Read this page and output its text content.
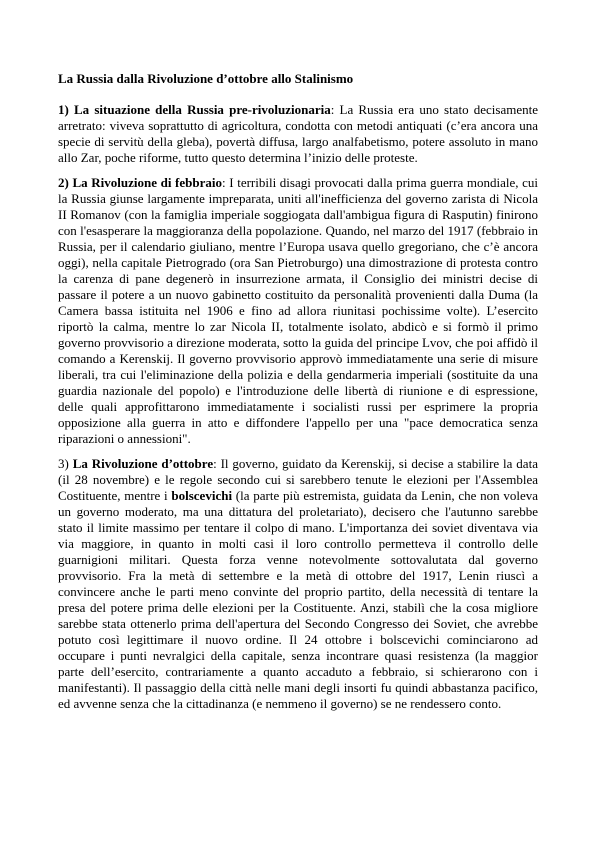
La Russia dalla Rivoluzione d’ottobre allo Stalinismo

1) La situazione della Russia pre-rivoluzionaria: La Russia era uno stato decisamente arretrato: viveva soprattutto di agricoltura, condotta con metodi antiquati (c’era ancora una specie di servitù della gleba), povertà diffusa, largo analfabetismo, potere assoluto in mano allo Zar, poche riforme, tutto questo determina l’inizio delle proteste.

2) La Rivoluzione di febbraio: I terribili disagi provocati dalla prima guerra mondiale, cui la Russia giunse largamente impreparata, uniti all'inefficienza del governo zarista di Nicola II Romanov (con la famiglia imperiale soggiogata dall'ambigua figura di Rasputin) finirono con l'esasperare la maggioranza della popolazione. Quando, nel marzo del 1917 (febbraio in Russia, per il calendario giuliano, mentre l’Europa usava quello gregoriano, che c’è ancora oggi), nella capitale Pietrogrado (ora San Pietroburgo) una dimostrazione di protesta contro la carenza di pane degenerò in insurrezione armata, il Consiglio dei ministri decise di passare il potere a un nuovo gabinetto costituito da personalità provenienti dalla Duma (la Camera bassa istituita nel 1906 e fino ad allora riunitasi pochissime volte). L’esercito riportò la calma, mentre lo zar Nicola II, totalmente isolato, abdicò e si formò il primo governo provvisorio a direzione moderata, sotto la guida del principe Lvov, che poi affidò il comando a Kerenskij. Il governo provvisorio approvò immediatamente una serie di misure liberali, tra cui l'eliminazione della polizia e della gendarmeria imperiali (sostituite da una guardia nazionale del popolo) e l'introduzione delle libertà di riunione e di espressione, delle quali approfittarono immediatamente i socialisti russi per esprimere la propria opposizione alla guerra in atto e diffondere l'appello per una "pace democratica senza riparazioni o annessioni".

3) La Rivoluzione d’ottobre: Il governo, guidato da Kerenskij, si decise a stabilire la data (il 28 novembre) e le regole secondo cui si sarebbero tenute le elezioni per l'Assemblea Costituente, mentre i bolscevichi (la parte più estremista, guidata da Lenin, che non voleva un governo moderato, ma una dittatura del proletariato), decisero che l'autunno sarebbe stato il limite massimo per tentare il colpo di mano. L'importanza dei soviet diventava via via maggiore, in quanto in molti casi il loro controllo permetteva il controllo delle guarnigioni militari. Questa forza venne notevolmente sottovalutata dal governo provvisorio. Fra la metà di settembre e la metà di ottobre del 1917, Lenin riuscì a convincere anche le parti meno convinte del proprio partito, della necessità di tentare la presa del potere prima delle elezioni per la Costituente. Anzi, stabilì che la cosa migliore sarebbe stata ottenerlo prima dell'apertura del Secondo Congresso dei Soviet, che avrebbe potuto così legittimare il nuovo ordine. Il 24 ottobre i bolscevichi cominciarono ad occupare i punti nevralgici della capitale, senza incontrare quasi resistenza (la maggior parte dell’esercito, contrariamente a quanto accaduto a febbraio, si schierarono con i manifestanti). Il passaggio della città nelle mani degli insorti fu quindi abbastanza pacifico, ed avvenne senza che la cittadinanza (e nemmeno il governo) se ne rendessero conto.
